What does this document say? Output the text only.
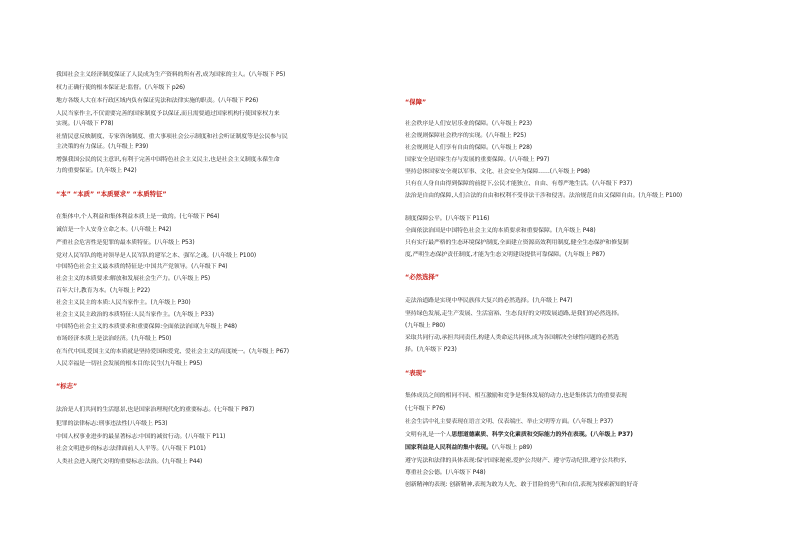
我国社会主义经济制度保证了人民成为生产资料的所有者,成为国家的主人。(八年级下 P5)
权力正确行使的根本保证是:监督。(八年级下 p26)
地方各级人大在本行政区域内负有保证宪法和法律实施的职责。(八年级下 P26)
人民当家作主,不仅需要完善的国家制度予以保证,而且需要通过国家机构行使国家权力来
实现。(八年级下 P78)
社情民意反映制度、专家咨询制度、重大事项社会公示制度和社会听证制度等是公民参与民
主决策的有力保证。(九年级上 P39)
增强我国公民的民主意识,有利于完善中国特色社会主义民主,也是社会主义制度永葆生命
力的重要保证。(九年级上 P42)
“本” “本质” “本质要求” “本质特征”
在集体中,个人利益和集体利益本质上是一致的。(七年级下 P64)
诚信是一个人安身立命之本。(八年级上 P42)
严重社会危害性是犯罪的最本质特征。(八年级上 P53)
党对人民军队的绝对领导是人民军队的建军之本、强军之魂。(八年级上 P100)
中国特色社会主义最本质的特征是:中国共产党领导。(八年级下 P4)
社会主义的本质要求:解放和发展社会生产力。(八年级上 P5)
百年大计,教育为本。(九年级上 P22)
社会主义民主的本质:人民当家作主。(九年级上 P30)
社会主义民主政治的本质特征:人民当家作主。(九年级上 P33)
中国特色社会主义的本质要求和重要保障:全面依法治国(九年级上 P48)
市场经济本质上是法治经济。(九年级上 P50)
在当代中国,爱国主义的本质就是坚持爱国和爱党、爱社会主义的高度统一。(九年级上 P67)
人民幸福是一切社会发展的根本目的:民生(九年级上 P95)
“标志”
法治是人们共同的生活愿景,也是国家治理现代化的重要标志。(七年级下 P87)
犯罪的法律标志:刑事违法性(八年级上 P53)
中国人权事业进步的最显著标志:中国的减贫行动。(八年级下 P11)
社会文明进步的标志:法律面前人人平等。(八年级下 P101)
人类社会进入现代文明的重要标志:法治。(九年级上 P44)
“保障”
社会秩序是人们安居乐业的保障。(八年级上 P23)
社会规则保障社会秩序的实现。(八年级上 P25)
社会规则是人们享有自由的保障。(八年级上 P28)
国家安全是国家生存与发展的重要保障。(八年级上 P97)
坚持总体国家安全观以军事、文化、社会安全为保障……(八年级上 P98)
只有在人身自由得到保障的前提下,公民才能独立、自由、有尊严地生活。(八年级下 P37)
法治是自由的保障,人们合法的自由和权利不受非法干涉和侵害。法治规范自由又保障自由。(九年级上 P100)
制度保障公平。(八年级下 P116)
全面依法治国是中国特色社会主义的本质要求和重要保障。(九年级上 P48)
只有实行最严格的生态环境保护制度,全面建立资源高效利用制度,健全生态保护和修复制
度,严明生态保护责任制度,才能为生态文明建设提供可靠保障。(九年级上 P87)
“必然选择”
走法治道路是实现中华民族伟大复兴的必然选择。(九年级上 P47)
坚持绿色发展,走生产发展、生活富裕、生态良好的文明发展道路,是我们的必然选择。
(九年级上 P80)
采取共同行动,承担共同责任,构建人类命运共同体,成为各国解决全球性问题的必然选
择。(九年级下 P23)
“表现”
集体成员之间的相同不同、相互激励和竞争是集体发展的动力,也是集体活力的重要表现
(七年级下 P76)
社会生活中礼主要表现在语言文明、仪表端庄、举止文明等方面。(八年级上 P37)
文明有礼是一个人思想道德素质、科学文化素质和交际能力的外在表现。(八年级上 P37)
国家利益是人民利益的集中表现。(八年级上 p89)
遵守宪法和法律的具体表现:保守国家秘密,爱护公共财产、遵守劳动纪律,遵守公共秩序,
尊重社会公德。(八年级下 P48)
创新精神的表现: 创新精神,表现为敢为人先、敢于冒险的勇气和自信,表现为探索新知的好奇
